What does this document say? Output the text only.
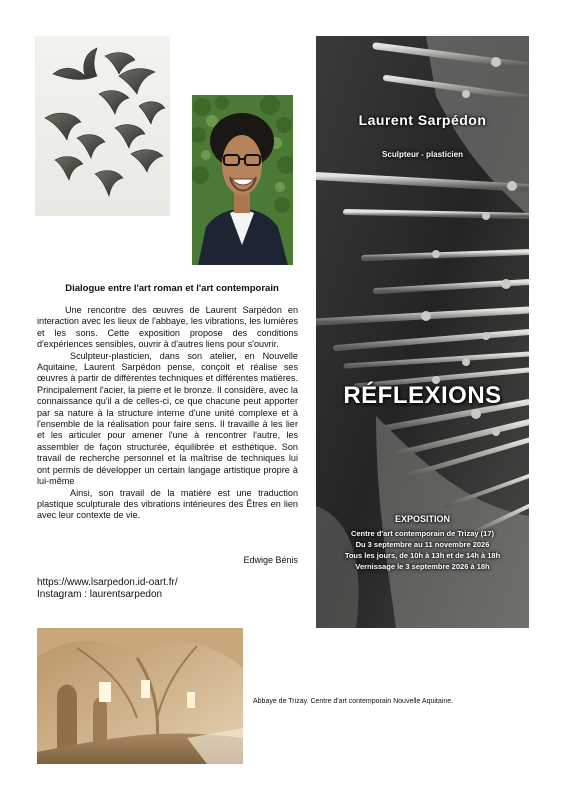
Laurent Sarpédon
Sculpteur - plasticien
RÉFLEXIONS
EXPOSITION
Centre d'art contemporain de Trizay (17)
Du 3 septembre au 11 novembre 2026
Tous les jours, de 10h à 13h et de 14h à 18h
Vernissage le 3 septembre 2026 à 18h
Dialogue entre l'art roman et l'art contemporain

Une rencontre des œuvres de Laurent Sarpédon en interaction avec les lieux de l'abbaye, les vibrations, les lumières et les sons. Cette exposition propose des conditions d'expériences sensibles, ouvrir à d'autres liens pour s'ouvrir.

Sculpteur-plasticien, dans son atelier, en Nouvelle Aquitaine, Laurent Sarpédon pense, conçoit et réalise ses œuvres à partir de différentes techniques et différentes matières. Principalement l'acier, la pierre et le bronze. Il considère, avec la connaissance qu'il a de celles-ci, ce que chacune peut apporter par sa nature à la structure interne d'une unité complexe et à l'ensemble de la réalisation pour faire sens. Il travaille à les lier et les articuler pour amener l'une à rencontrer l'autre, les assembler de façon structurée, équilibrée et esthétique. Son travail de recherche personnel et la maîtrise de techniques lui ont permis de développer un certain langage artistique propre à lui-même

Ainsi, son travail de la matière est une traduction plastique sculpturale des vibrations intérieures des Êtres en lien avec leur contexte de vie.

Edwige Bénis
https://www.lsarpedon.id-oart.fr/
Instagram : laurentsarpedon
Abbaye de Trizay. Centre d'art contemporain Nouvelle Aquitaine.
